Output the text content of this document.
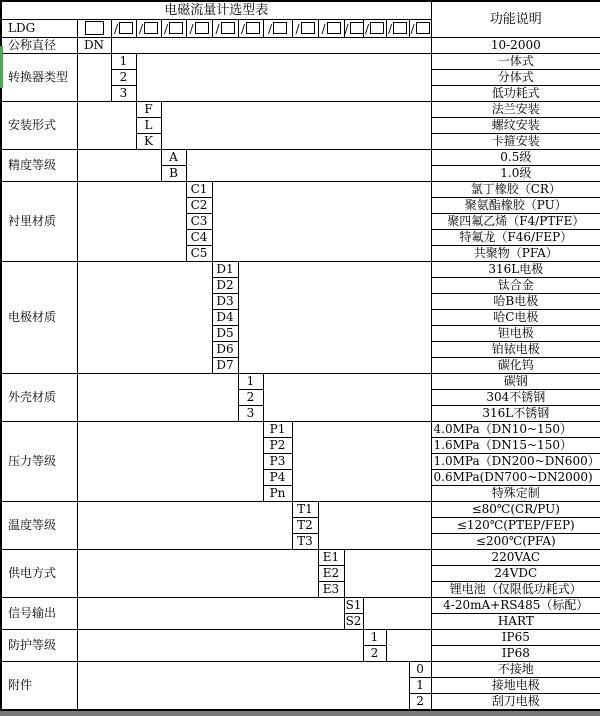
电磁流量计选型表															功能说明
LDG		/	/	/	/	/	/	/	/	/	/	/	/	/	
公称直径	DN														10-2000
转换器类型		1													一体式
		2													分体式
		3													低功耗式
安装形式			F												法兰安装
			L												螺纹安装
			K												卡箍安装
精度等级				A											0.5级
				B											1.0级
衬里材质					C1										氯丁橡胶（CR）
					C2										聚氨酯橡胶（PU）
					C3										聚四氟乙烯（F4/PTFE）
					C4										特氟龙（F46/FEP）
					C5										共聚物（PFA）
电极材质						D1									316L电极
						D2									钛合金
						D3									哈B电极
						D4									哈C电极
						D5									钽电极
						D6									铂铱电极
						D7									碳化钨
外壳材质							1								碳钢
							2								304不锈钢
							3								316L不锈钢
压力等级								P1							4.0MPa（DN10~150）
								P2							1.6MPa（DN15~150）
								P3							1.0MPa（DN200~DN600）
								P4							0.6MPa(DN700~DN2000)
								Pn							特殊定制
温度等级									T1						≤80℃(CR/PU)
									T2						≤120℃(PTEP/FEP)
									T3						≤200℃(PFA)
供电方式										E1					220VAC
										E2					24VDC
										E3					锂电池（仅限低功耗式）
信号输出											S1				4-20mA+RS485（标配）
											S2				HART
防护等级												1			IP65
												2			IP68
附件														0	不接地
														1	接地电极
														2	刮刀电极
